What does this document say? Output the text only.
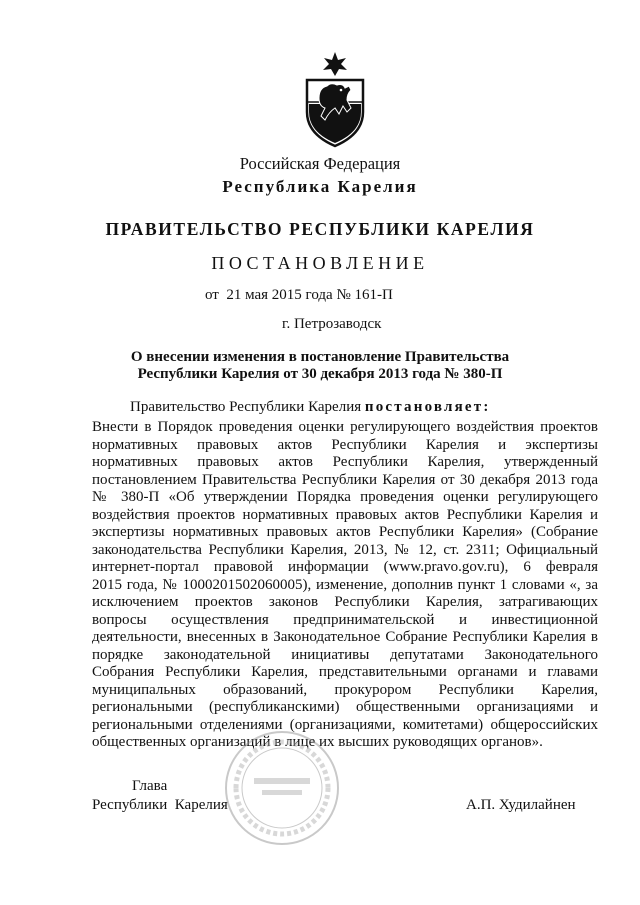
Российская Федерация
Республика Карелия
ПРАВИТЕЛЬСТВО РЕСПУБЛИКИ КАРЕЛИЯ
ПОСТАНОВЛЕНИЕ
от  21 мая 2015 года № 161-П
г. Петрозаводск
О внесении изменения в постановление Правительства
Республики Карелия от 30 декабря 2013 года № 380-П
Правительство Республики Карелия постановляет:
Внести в Порядок проведения оценки регулирующего воздействия проектов
нормативных правовых актов Республики Карелия и экспертизы
нормативных правовых актов Республики Карелия, утвержденный
постановлением Правительства Республики Карелия от 30 декабря 2013 года
№ 380-П «Об утверждении Порядка проведения оценки регулирующего
воздействия проектов нормативных правовых актов Республики Карелия и
экспертизы нормативных правовых актов Республики Карелия» (Собрание
законодательства Республики Карелия, 2013, № 12, ст. 2311; Официальный
интернет-портал правовой информации (www.pravo.gov.ru), 6 февраля
2015 года, № 1000201502060005), изменение, дополнив пункт 1 словами «, за
исключением проектов законов Республики Карелия, затрагивающих
вопросы осуществления предпринимательской и инвестиционной
деятельности, внесенных в Законодательное Собрание Республики Карелия в
порядке законодательной инициативы депутатами Законодательного
Собрания Республики Карелия, представительными органами и главами
муниципальных образований, прокурором Республики Карелия,
региональными (республиканскими) общественными организациями и
региональными отделениями (организациями, комитетами) общероссийских
общественных организаций в лице их высших руководящих органов».
Глава
Республики  Карелия	А.П. Худилайнен
